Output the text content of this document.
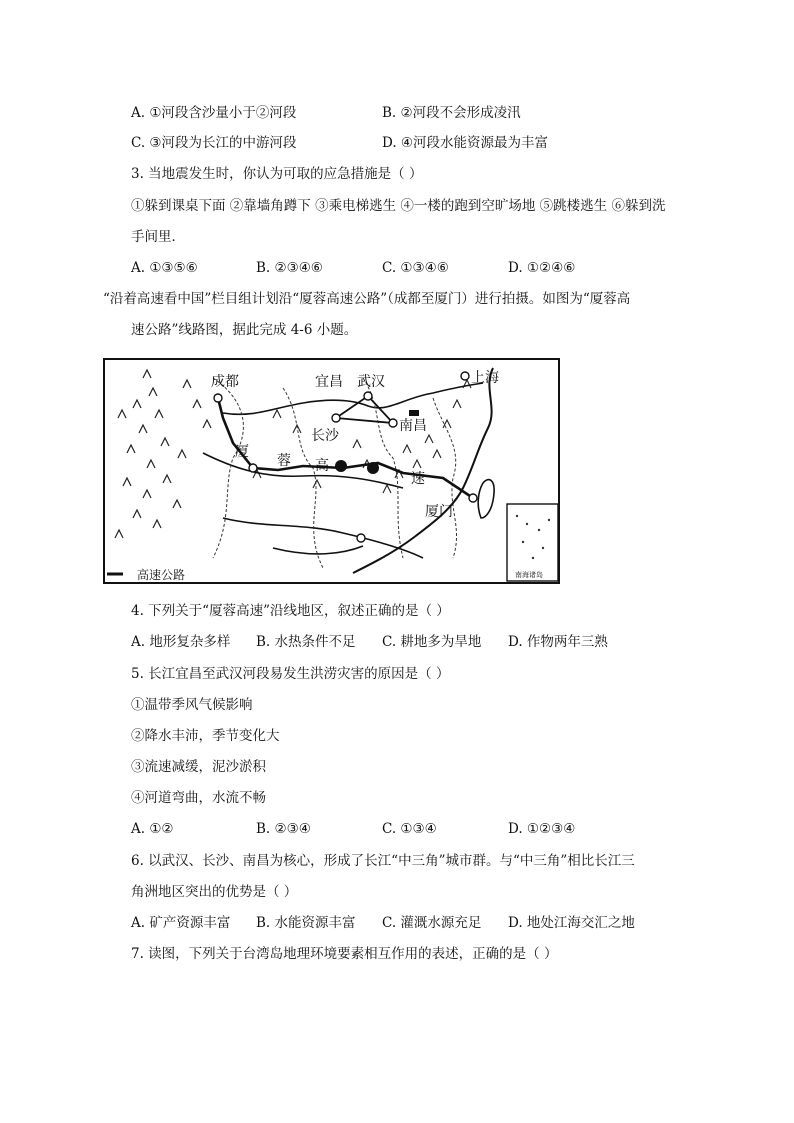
A. ①河段含沙量小于②河段	B. ②河段不会形成凌汛
C. ③河段为长江的中游河段	D. ④河段水能资源最为丰富
3. 当地震发生时，你认为可取的应急措施是（ ）
①躲到课桌下面 ②靠墙角蹲下 ③乘电梯逃生 ④一楼的跑到空旷场地 ⑤跳楼逃生 ⑥躲到洗
手间里．
A. ①③⑤⑥	B. ②③④⑥	C. ①③④⑥	D. ①②④⑥
“沿着高速看中国”栏目组计划沿“厦蓉高速公路”（成都至厦门）进行拍摄。如图为“厦蓉高
速公路”线路图，据此完成 4-6 小题。
成都	宜昌 武汉	上海
长沙
南昌
厦
蓉 高
速
厦门
南海诸岛
高速公路
4. 下列关于“厦蓉高速”沿线地区，叙述正确的是（ ）
A. 地形复杂多样 B. 水热条件不足 C. 耕地多为旱地 D. 作物两年三熟
5. 长江宜昌至武汉河段易发生洪涝灾害的原因是（ ）
①温带季风气候影响
②降水丰沛，季节变化大
③流速减缓，泥沙淤积
④河道弯曲，水流不畅
A. ①②	B. ②③④	C. ①③④	D. ①②③④
6. 以武汉、长沙、南昌为核心，形成了长江“中三角”城市群。与“中三角”相比长江三
角洲地区突出的优势是（ ）
A. 矿产资源丰富 B. 水能资源丰富 C. 灌溉水源充足 D. 地处江海交汇之地
7. 读图，下列关于台湾岛地理环境要素相互作用的表述，正确的是（ ）
